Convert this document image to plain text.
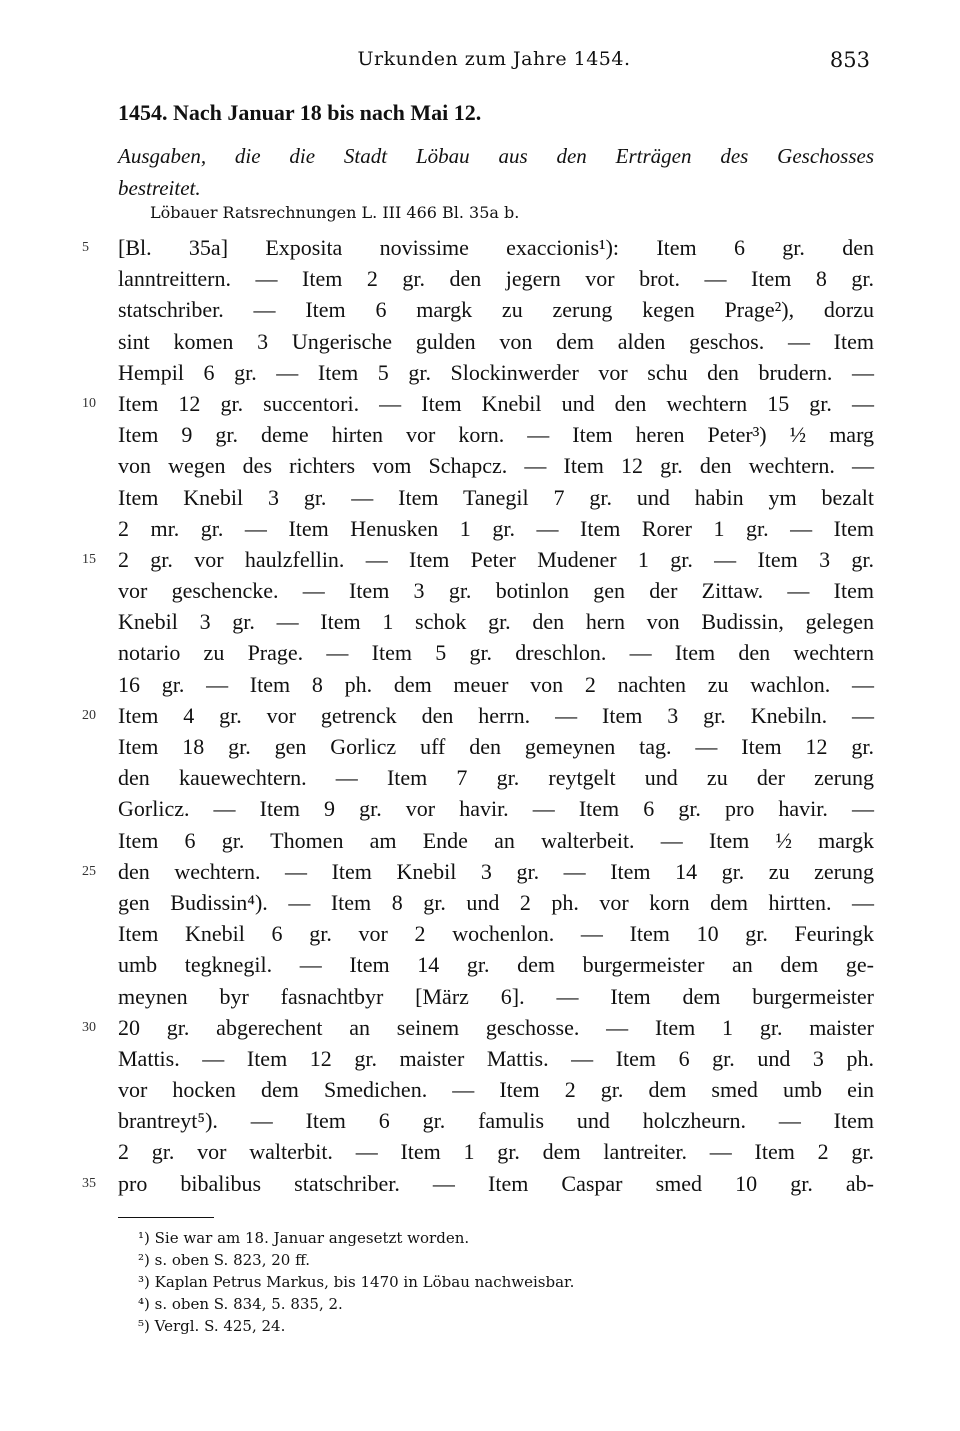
Urkunden zum Jahre 1454.	853
1454. Nach Januar 18 bis nach Mai 12.
Ausgaben, die die Stadt Löbau aus den Erträgen des Geschosses
bestreitet.
Löbauer Ratsrechnungen L. III 466 Bl. 35a b.
5	[Bl. 35a] Exposita novissime exaccionis¹): Item 6 gr. den
lanntreittern. — Item 2 gr. den jegern vor brot. — Item 8 gr.
statschriber. — Item 6 margk zu zerung kegen Prage²), dorzu
sint komen 3 Ungerische gulden von dem alden geschos. — Item
Hempil 6 gr. — Item 5 gr. Slockinwerder vor schu den brudern. —
10	Item 12 gr. succentori. — Item Knebil und den wechtern 15 gr. —
Item 9 gr. deme hirten vor korn. — Item heren Peter³) ½ marg
von wegen des richters vom Schapcz. — Item 12 gr. den wechtern. —
Item Knebil 3 gr. — Item Tanegil 7 gr. und habin ym bezalt
2 mr. gr. — Item Henusken 1 gr. — Item Rorer 1 gr. — Item
15	2 gr. vor haulzfellin. — Item Peter Mudener 1 gr. — Item 3 gr.
vor geschencke. — Item 3 gr. botinlon gen der Zittaw. — Item
Knebil 3 gr. — Item 1 schok gr. den hern von Budissin, gelegen
notario zu Prage. — Item 5 gr. dreschlon. — Item den wechtern
16 gr. — Item 8 ph. dem meuer von 2 nachten zu wachlon. —
20	Item 4 gr. vor getrenck den herrn. — Item 3 gr. Knebiln. —
Item 18 gr. gen Gorlicz uff den gemeynen tag. — Item 12 gr.
den kauewechtern. — Item 7 gr. reytgelt und zu der zerung
Gorlicz. — Item 9 gr. vor havir. — Item 6 gr. pro havir. —
Item 6 gr. Thomen am Ende an walterbeit. — Item ½ margk
25	den wechtern. — Item Knebil 3 gr. — Item 14 gr. zu zerung
gen Budissin⁴). — Item 8 gr. und 2 ph. vor korn dem hirtten. —
Item Knebil 6 gr. vor 2 wochenlon. — Item 10 gr. Feuringk
umb tegknegil. — Item 14 gr. dem burgermeister an dem ge-
meynen byr fasnachtbyr [März 6]. — Item dem burgermeister
30	20 gr. abgerechent an seinem geschosse. — Item 1 gr. maister
Mattis. — Item 12 gr. maister Mattis. — Item 6 gr. und 3 ph.
vor hocken dem Smedichen. — Item 2 gr. dem smed umb ein
brantreyt⁵). — Item 6 gr. famulis und holczheurn. — Item
2 gr. vor walterbit. — Item 1 gr. dem lantreiter. — Item 2 gr.
35	pro bibalibus statschriber. — Item Caspar smed 10 gr. ab-
¹) Sie war am 18. Januar angesetzt worden.
²) s. oben S. 823, 20 ff.
³) Kaplan Petrus Markus, bis 1470 in Löbau nachweisbar.
⁴) s. oben S. 834, 5. 835, 2.
⁵) Vergl. S. 425, 24.
